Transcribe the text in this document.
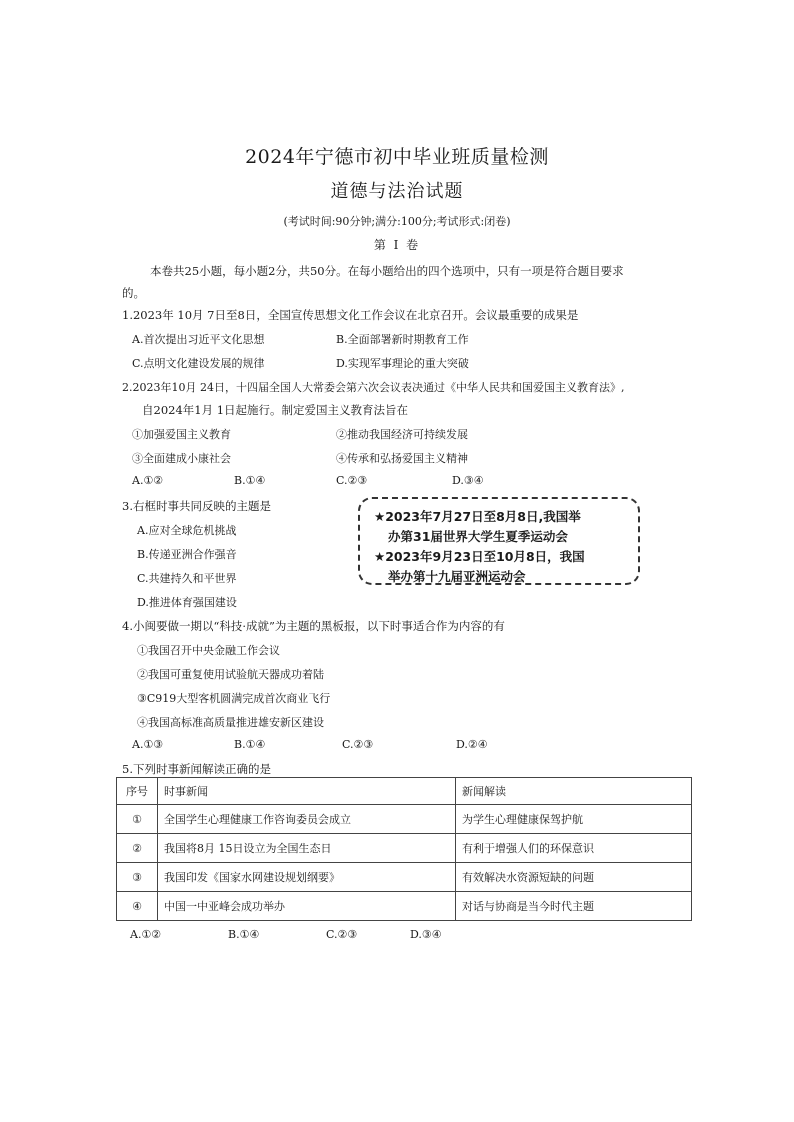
2024年宁德市初中毕业班质量检测
道德与法治试题
(考试时间:90分钟;满分:100分;考试形式:闭卷)
第 Ⅰ 卷
本卷共25小题，每小题2分，共50分。在每小题给出的四个选项中，只有一项是符合题目要求
的。
1.2023年 10月 7日至8日，全国宣传思想文化工作会议在北京召开。会议最重要的成果是
A.首次提出习近平文化思想	B.全面部署新时期教育工作
C.点明文化建设发展的规律	D.实现军事理论的重大突破
2.2023年10月 24日，十四届全国人大常委会第六次会议表决通过《中华人民共和国爱国主义教育法》,
自2024年1月 1日起施行。制定爱国主义教育法旨在
①加强爱国主义教育	②推动我国经济可持续发展
③全面建成小康社会	④传承和弘扬爱国主义精神
A.①②	B.①④	C.②③	D.③④
3.右框时事共同反映的主题是
A.应对全球危机挑战
B.传递亚洲合作强音
C.共建持久和平世界
D.推进体育强国建设
★2023年7月27日至8月8日,我国举
办第31届世界大学生夏季运动会
★2023年9月23日至10月8日，我国
举办第十九届亚洲运动会
4.小闽要做一期以“科技·成就”为主题的黑板报，以下时事适合作为内容的有
①我国召开中央金融工作会议
②我国可重复使用试验航天器成功着陆
③C919大型客机圆满完成首次商业飞行
④我国高标准高质量推进雄安新区建设
A.①③	B.①④	C.②③	D.②④
5.下列时事新闻解读正确的是
序号	时事新闻	新闻解读
①	全国学生心理健康工作咨询委员会成立	为学生心理健康保驾护航
②	我国将8月 15日设立为全国生态日	有利于增强人们的环保意识
③	我国印发《国家水网建设规划纲要》	有效解决水资源短缺的问题
④	中国一中亚峰会成功举办	对话与协商是当今时代主题
A.①②	B.①④	C.②③	D.③④
